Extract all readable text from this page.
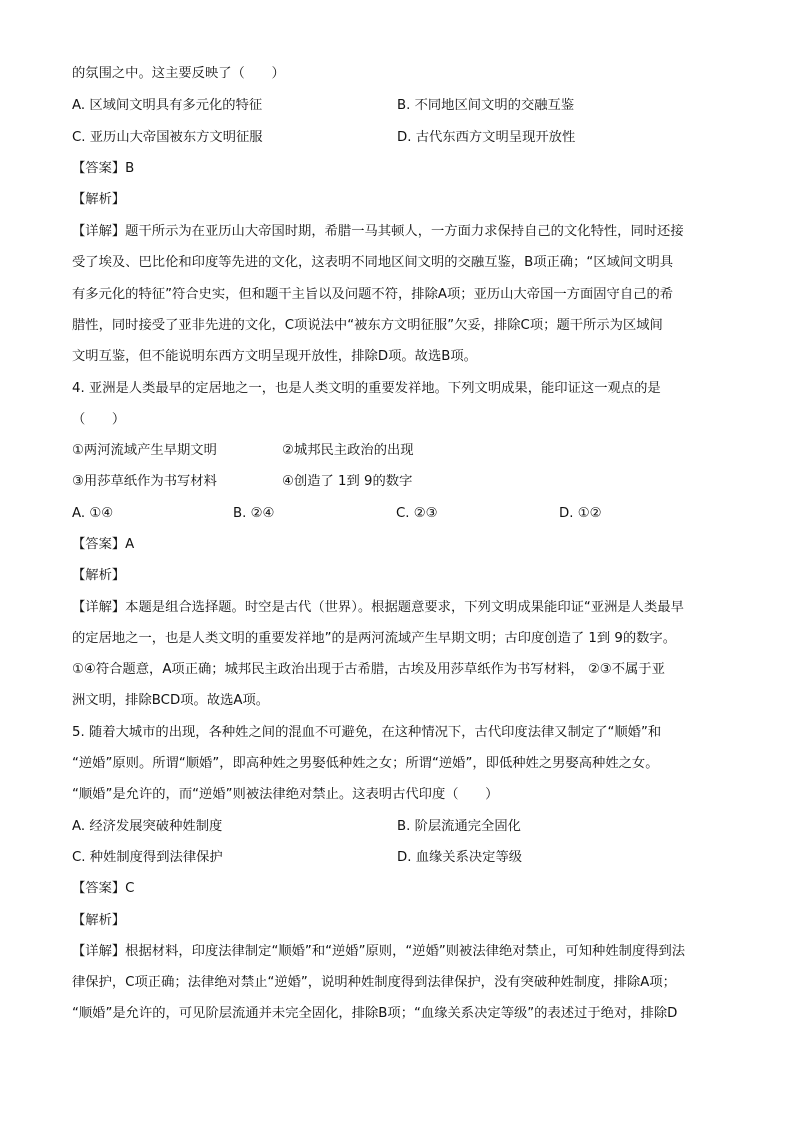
的氛围之中。这主要反映了（　　）
A. 区域间文明具有多元化的特征	B. 不同地区间文明的交融互鉴
C. 亚历山大帝国被东方文明征服	D. 古代东西方文明呈现开放性
【答案】B
【解析】
【详解】题干所示为在亚历山大帝国时期，希腊一马其顿人，一方面力求保持自己的文化特性，同时还接
受了埃及、巴比伦和印度等先进的文化，这表明不同地区间文明的交融互鉴，B项正确；“区域间文明具
有多元化的特征”符合史实，但和题干主旨以及问题不符，排除A项；亚历山大帝国一方面固守自己的希
腊性，同时接受了亚非先进的文化，C项说法中“被东方文明征服”欠妥，排除C项；题干所示为区域间
文明互鉴，但不能说明东西方文明呈现开放性，排除D项。故选B项。
4. 亚洲是人类最早的定居地之一，也是人类文明的重要发祥地。下列文明成果，能印证这一观点的是
（　　）
①两河流域产生早期文明	②城邦民主政治的出现
③用莎草纸作为书写材料	④创造了 1到 9的数字
A. ①④	B. ②④	C. ②③	D. ①②
【答案】A
【解析】
【详解】本题是组合选择题。时空是古代（世界）。根据题意要求，下列文明成果能印证“亚洲是人类最早
的定居地之一，也是人类文明的重要发祥地”的是两河流域产生早期文明；古印度创造了 1到 9的数字。
①④符合题意，A项正确；城邦民主政治出现于古希腊，古埃及用莎草纸作为书写材料， ②③不属于亚
洲文明，排除BCD项。故选A项。
5. 随着大城市的出现，各种姓之间的混血不可避免，在这种情况下，古代印度法律又制定了“顺婚”和
“逆婚”原则。所谓“顺婚”，即高种姓之男娶低种姓之女；所谓“逆婚”，即低种姓之男娶高种姓之女。
“顺婚”是允许的，而“逆婚”则被法律绝对禁止。这表明古代印度（　　）
A. 经济发展突破种姓制度	B. 阶层流通完全固化
C. 种姓制度得到法律保护	D. 血缘关系决定等级
【答案】C
【解析】
【详解】根据材料，印度法律制定“顺婚”和“逆婚”原则，“逆婚”则被法律绝对禁止，可知种姓制度得到法
律保护，C项正确；法律绝对禁止“逆婚”，说明种姓制度得到法律保护，没有突破种姓制度，排除A项；
“顺婚”是允许的，可见阶层流通并未完全固化，排除B项；“血缘关系决定等级”的表述过于绝对，排除D
